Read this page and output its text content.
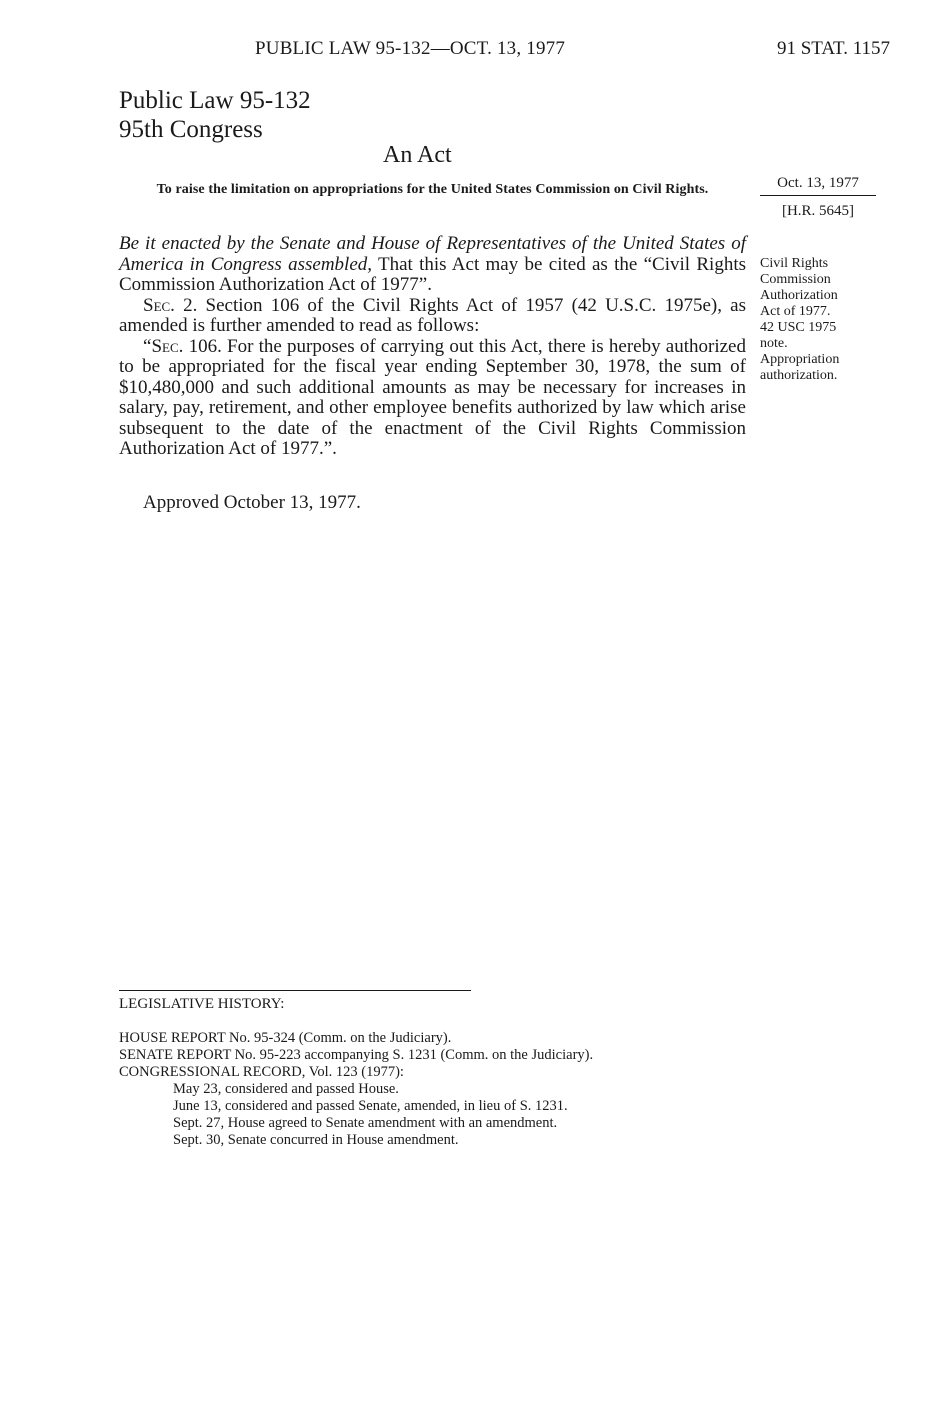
PUBLIC LAW 95-132—OCT. 13, 1977	91 STAT. 1157
Public Law 95-132
95th Congress
An Act
To raise the limitation on appropriations for the United States Commission on Civil Rights.	Oct. 13, 1977
[H.R. 5645]

Be it enacted by the Senate and House of Representatives of the United States of America in Congress assembled, That this Act may be cited as the “Civil Rights Commission Authorization Act of 1977”.

Sec. 2. Section 106 of the Civil Rights Act of 1957 (42 U.S.C. 1975e), as amended is further amended to read as follows:

“Sec. 106. For the purposes of carrying out this Act, there is hereby authorized to be appropriated for the fiscal year ending September 30, 1978, the sum of $10,480,000 and such additional amounts as may be necessary for increases in salary, pay, retirement, and other employee benefits authorized by law which arise subsequent to the date of the enactment of the Civil Rights Commission Authorization Act of 1977.”.

Civil Rights
Commission
Authorization
Act of 1977.
42 USC 1975
note.
Appropriation
authorization.
Approved October 13, 1977.
LEGISLATIVE HISTORY:
HOUSE REPORT No. 95-324 (Comm. on the Judiciary).
SENATE REPORT No. 95-223 accompanying S. 1231 (Comm. on the Judiciary).
CONGRESSIONAL RECORD, Vol. 123 (1977):
May 23, considered and passed House.
June 13, considered and passed Senate, amended, in lieu of S. 1231.
Sept. 27, House agreed to Senate amendment with an amendment.
Sept. 30, Senate concurred in House amendment.
